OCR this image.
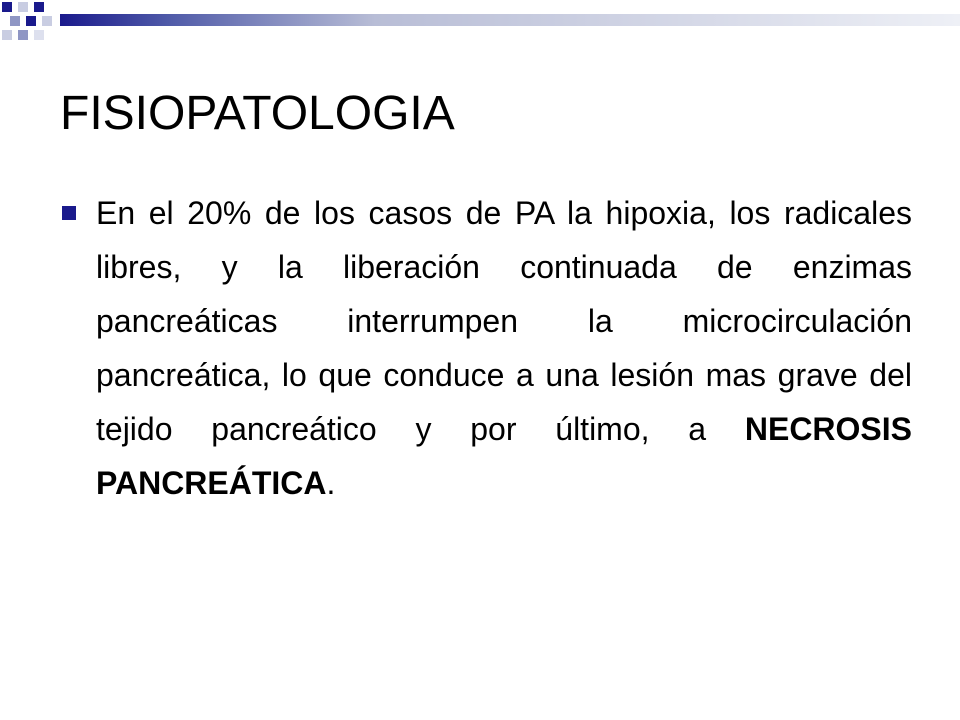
FISIOPATOLOGIA
En el 20% de los casos de PA la hipoxia, los radicales libres, y la liberación continuada de enzimas pancreáticas interrumpen la microcirculación pancreática, lo que conduce a una lesión mas grave del tejido pancreático y por último, a NECROSIS PANCREÁTICA.
